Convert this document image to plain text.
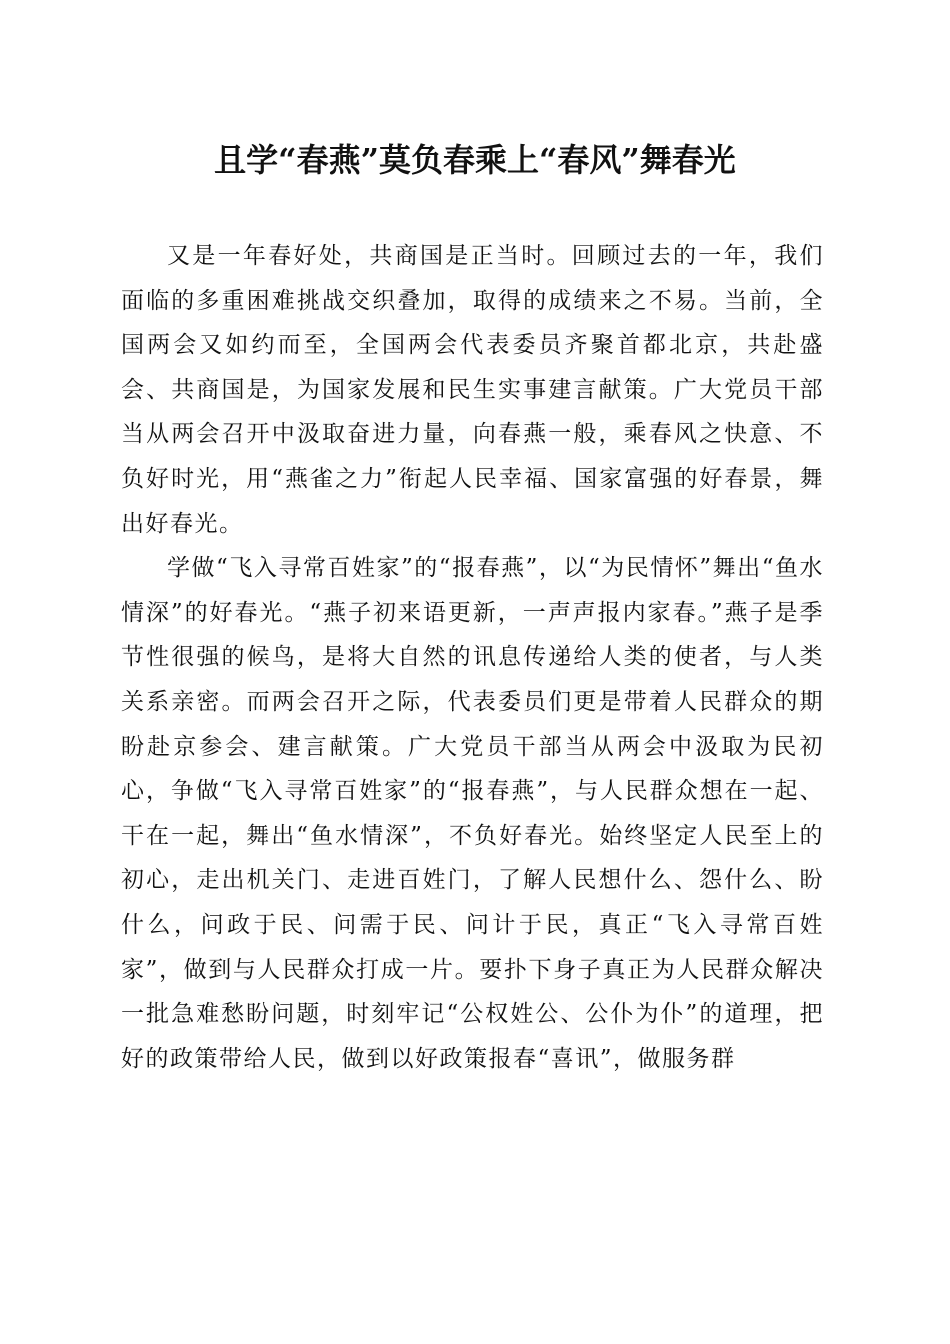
且学“春燕”莫负春乘上“春风”舞春光

又是一年春好处，共商国是正当时。回顾过去的一年，我们面临的多重困难挑战交织叠加，取得的成绩来之不易。当前，全国两会又如约而至，全国两会代表委员齐聚首都北京，共赴盛会、共商国是，为国家发展和民生实事建言献策。广大党员干部当从两会召开中汲取奋进力量，向春燕一般，乘春风之快意、不负好时光，用“燕雀之力”衔起人民幸福、国家富强的好春景，舞出好春光。

学做“飞入寻常百姓家”的“报春燕”，以“为民情怀”舞出“鱼水情深”的好春光。“燕子初来语更新，一声声报内家春。”燕子是季节性很强的候鸟，是将大自然的讯息传递给人类的使者，与人类关系亲密。而两会召开之际，代表委员们更是带着人民群众的期盼赴京参会、建言献策。广大党员干部当从两会中汲取为民初心，争做“飞入寻常百姓家”的“报春燕”，与人民群众想在一起、干在一起，舞出“鱼水情深”，不负好春光。始终坚定人民至上的初心，走出机关门、走进百姓门，了解人民想什么、怨什么、盼什么，问政于民、问需于民、问计于民，真正“飞入寻常百姓家”，做到与人民群众打成一片。要扑下身子真正为人民群众解决一批急难愁盼问题，时刻牢记“公权姓公、公仆为仆”的道理，把好的政策带给人民，做到以好政策报春“喜讯”，做服务群
